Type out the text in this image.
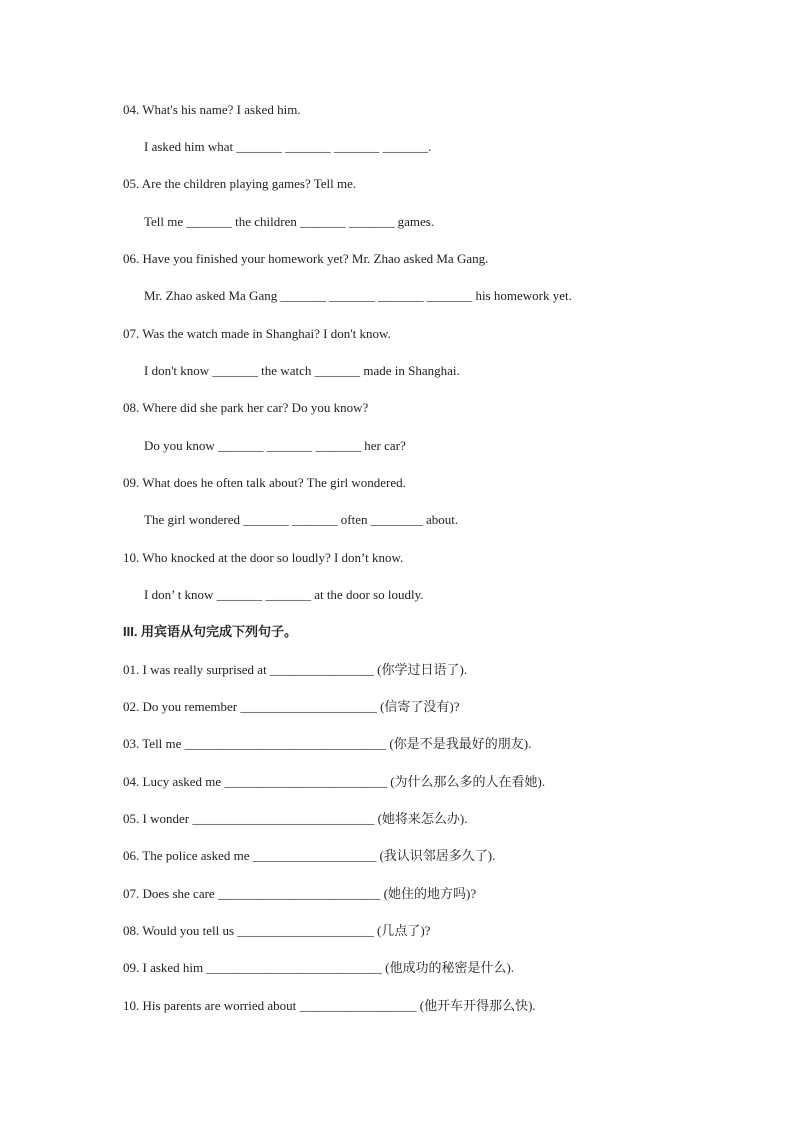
04. What's his name? I asked him.
I asked him what _______ _______ _______ _______.
05. Are the children playing games? Tell me.
Tell me _______ the children _______ _______ games.
06. Have you finished your homework yet? Mr. Zhao asked Ma Gang.
Mr. Zhao asked Ma Gang _______ _______ _______ _______ his homework yet.
07. Was the watch made in Shanghai? I don't know.
I don't know _______ the watch _______ made in Shanghai.
08. Where did she park her car? Do you know?
Do you know _______ _______ _______ her car?
09. What does he often talk about? The girl wondered.
The girl wondered _______ _______ often ________ about.
10. Who knocked at the door so loudly? I don’t know.
I don’ t know _______ _______ at the door so loudly.
III. 用宾语从句完成下列句子。
01. I was really surprised at ________________ (你学过日语了).
02. Do you remember _____________________ (信寄了没有)?
03. Tell me _______________________________ (你是不是我最好的朋友).
04. Lucy asked me _________________________ (为什么那么多的人在看她).
05. I wonder ____________________________ (她将来怎么办).
06. The police asked me ___________________ (我认识邻居多久了).
07. Does she care _________________________ (她住的地方吗)?
08. Would you tell us _____________________ (几点了)?
09. I asked him ___________________________ (他成功的秘密是什么).
10. His parents are worried about __________________ (他开车开得那么快).
